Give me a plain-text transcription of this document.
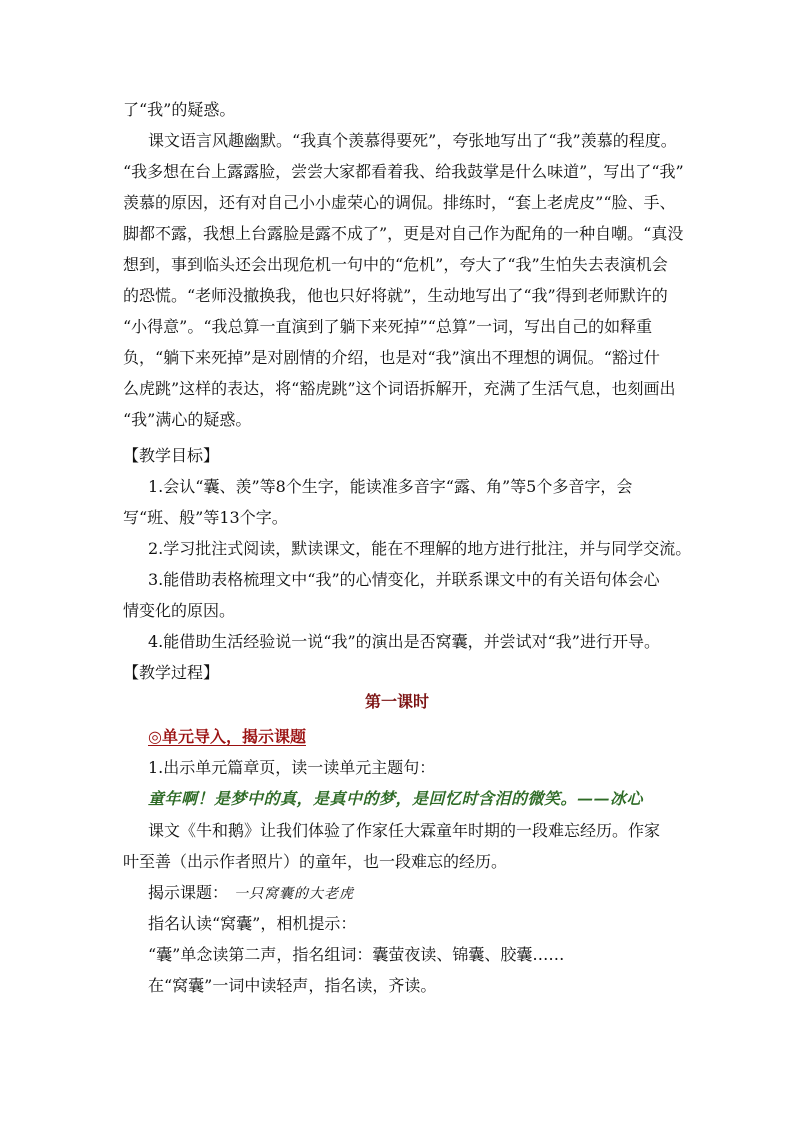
了“我”的疑惑。
课文语言风趣幽默。“我真个羡慕得要死”，夸张地写出了“我”羡慕的程度。
“我多想在台上露露脸，尝尝大家都看着我、给我鼓掌是什么味道”，写出了“我”
羡慕的原因，还有对自己小小虚荣心的调侃。排练时，“套上老虎皮”“脸、手、
脚都不露，我想上台露脸是露不成了”，更是对自己作为配角的一种自嘲。“真没
想到，事到临头还会出现危机一句中的“危机”，夸大了“我”生怕失去表演机会
的恐慌。“老师没撤换我，他也只好将就”，生动地写出了“我”得到老师默许的
“小得意”。“我总算一直演到了躺下来死掉”“总算”一词，写出自己的如释重
负，“躺下来死掉”是对剧情的介绍，也是对“我”演出不理想的调侃。“豁过什
么虎跳”这样的表达，将“豁虎跳”这个词语拆解开，充满了生活气息，也刻画出
“我”满心的疑惑。
【教学目标】
1.会认“囊、羡”等8个生字，能读准多音字“露、角”等5个多音字，会
写“班、般”等13个字。
2.学习批注式阅读，默读课文，能在不理解的地方进行批注，并与同学交流。
3.能借助表格梳理文中“我”的心情变化，并联系课文中的有关语句体会心
情变化的原因。
4.能借助生活经验说一说“我”的演出是否窝囊，并尝试对“我”进行开导。
【教学过程】
第一课时
◎单元导入，揭示课题
1.出示单元篇章页，读一读单元主题句：
童年啊！是梦中的真，是真中的梦，是回忆时含泪的微笑。——冰心
课文《牛和鹅》让我们体验了作家任大霖童年时期的一段难忘经历。作家
叶至善（出示作者照片）的童年，也一段难忘的经历。
揭示课题： 一只窝囊的大老虎
指名认读“窝囊”，相机提示：
“囊”单念读第二声，指名组词：囊萤夜读、锦囊、胶囊……
在“窝囊”一词中读轻声，指名读，齐读。
